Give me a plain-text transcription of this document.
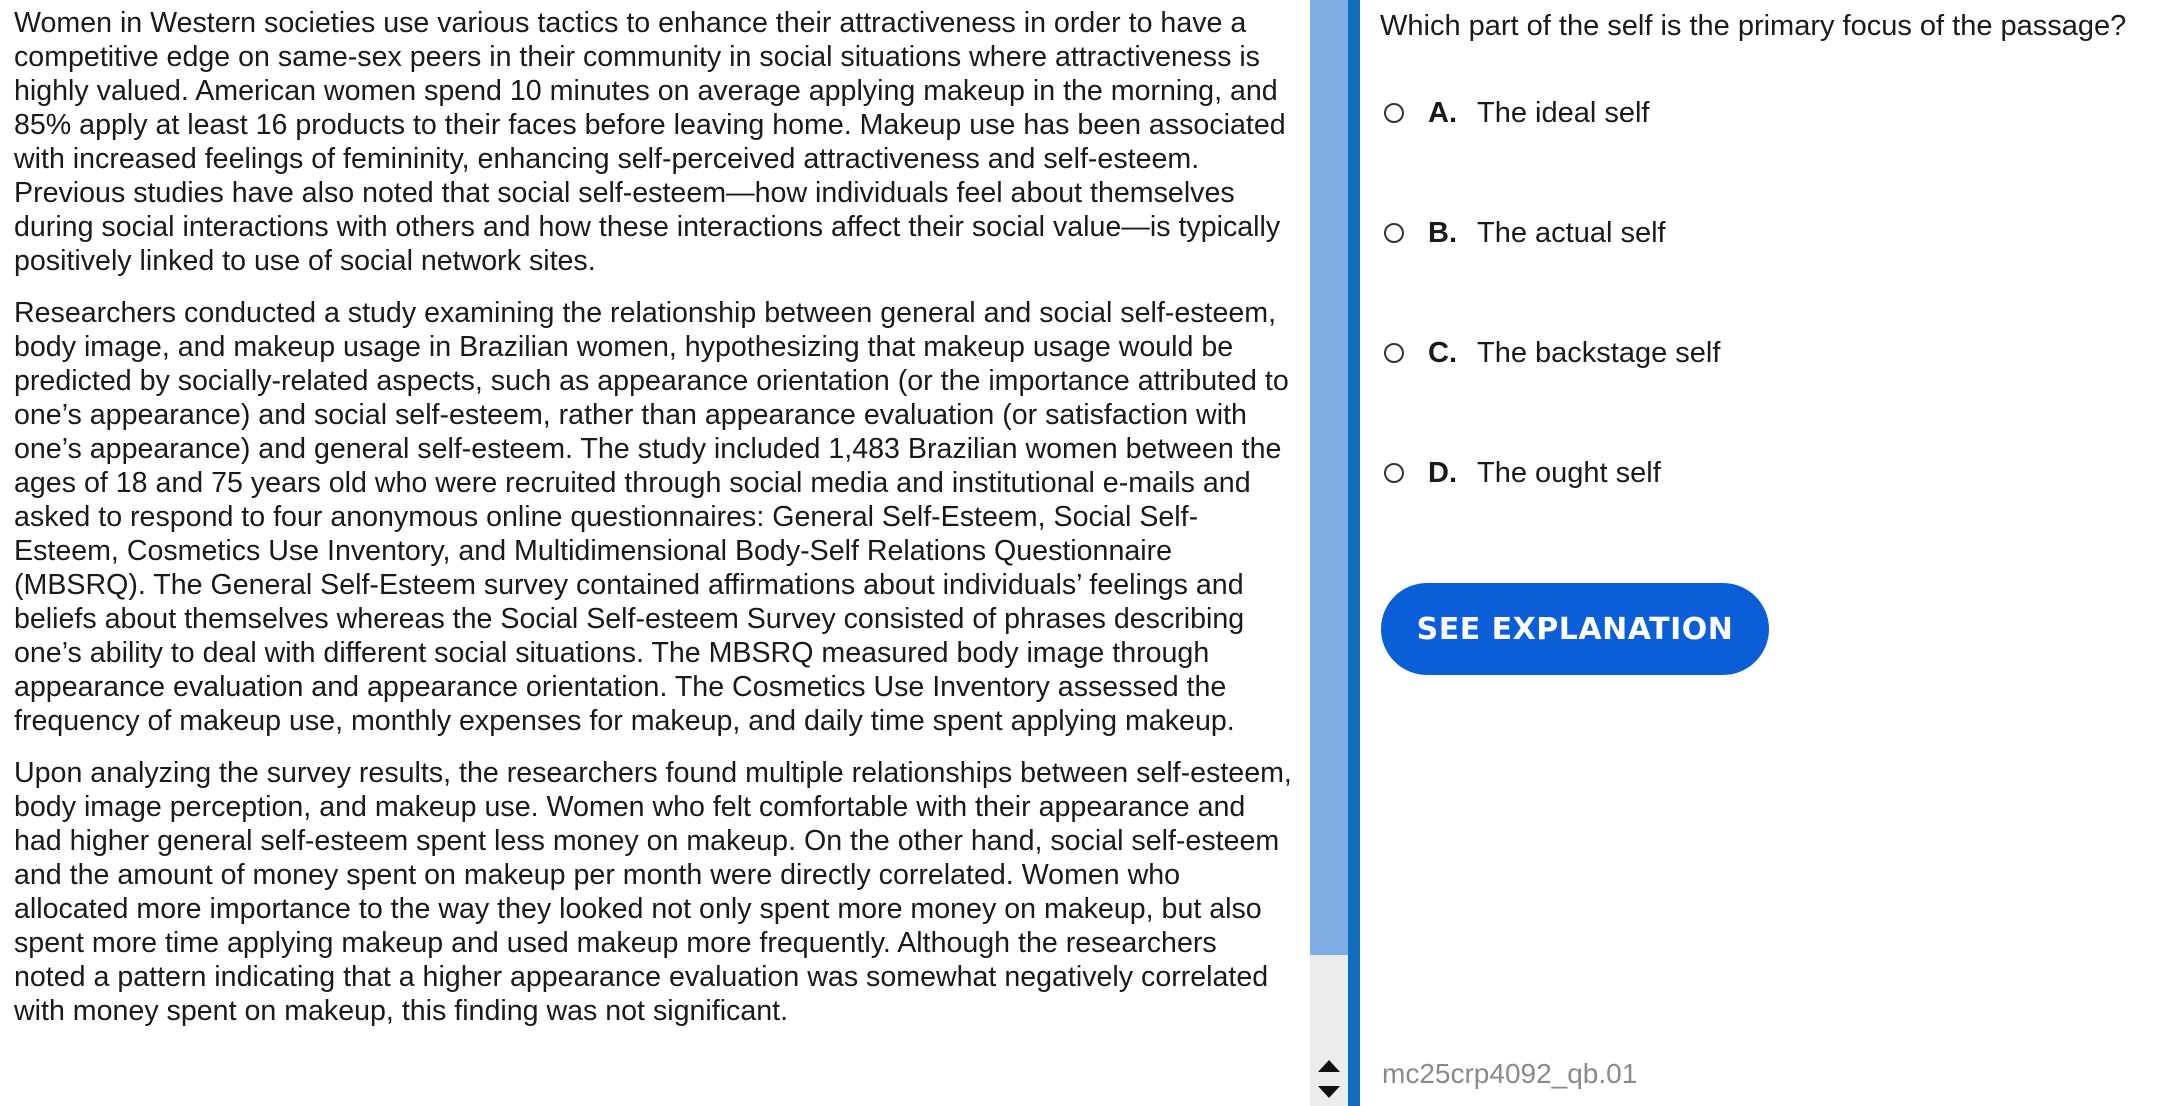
Women in Western societies use various tactics to enhance their attractiveness in order to have a competitive edge on same-sex peers in their community in social situations where attractiveness is highly valued. American women spend 10 minutes on average applying makeup in the morning, and 85% apply at least 16 products to their faces before leaving home. Makeup use has been associated with increased feelings of femininity, enhancing self-perceived attractiveness and self-esteem. Previous studies have also noted that social self-esteem—how individuals feel about themselves during social interactions with others and how these interactions affect their social value—is typically positively linked to use of social network sites.

Researchers conducted a study examining the relationship between general and social self-esteem, body image, and makeup usage in Brazilian women, hypothesizing that makeup usage would be predicted by socially-related aspects, such as appearance orientation (or the importance attributed to one’s appearance) and social self-esteem, rather than appearance evaluation (or satisfaction with one’s appearance) and general self-esteem. The study included 1,483 Brazilian women between the ages of 18 and 75 years old who were recruited through social media and institutional e-mails and asked to respond to four anonymous online questionnaires: General Self-Esteem, Social Self-Esteem, Cosmetics Use Inventory, and Multidimensional Body-Self Relations Questionnaire (MBSRQ). The General Self-Esteem survey contained affirmations about individuals’ feelings and beliefs about themselves whereas the Social Self-esteem Survey consisted of phrases describing one’s ability to deal with different social situations. The MBSRQ measured body image through appearance evaluation and appearance orientation. The Cosmetics Use Inventory assessed the frequency of makeup use, monthly expenses for makeup, and daily time spent applying makeup.

Upon analyzing the survey results, the researchers found multiple relationships between self-esteem, body image perception, and makeup use. Women who felt comfortable with their appearance and had higher general self-esteem spent less money on makeup. On the other hand, social self-esteem and the amount of money spent on makeup per month were directly correlated. Women who allocated more importance to the way they looked not only spent more money on makeup, but also spent more time applying makeup and used makeup more frequently. Although the researchers noted a pattern indicating that a higher appearance evaluation was somewhat negatively correlated with money spent on makeup, this finding was not significant.

Which part of the self is the primary focus of the passage?
A. The ideal self
B. The actual self
C. The backstage self
D. The ought self
SEE EXPLANATION
mc25crp4092_qb.01
